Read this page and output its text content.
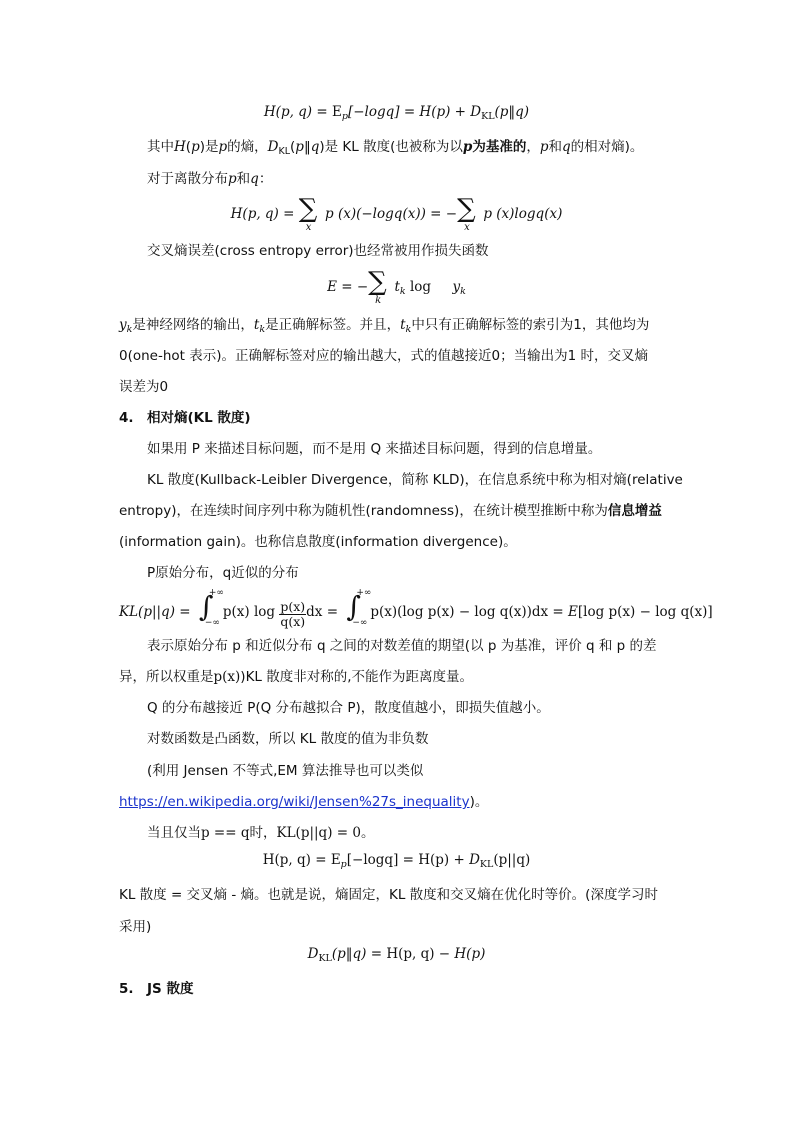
H(p, $q) = E_p[-\log q] = H(p)$ + $D_{KL}(p‖q)$
其中H(p)是p的熵，$D_{KL}(p‖q)$是 KL 散度(也被称为以p为基准的，p和q的相对熵)。
对于离散分布p和q：
H(p, q) = ∑
x
p (x)(−logq(x)) = − ∑
x
p (x)logq(x)
交叉熵误差(cross entropy error)也经常被用作损失函数
E = − ∑
k
$t_k$ log     $y_k$
$y_k$是神经网络的输出，$t_k$是正确解标签。并且，$t_k$中只有正确解标签的索引为1，其他均为
0(one-hot 表示)。正确解标签对应的输出越大，式的值越接近0；当输出为1 时，交叉熵
误差为0
4. 相对熵(KL 散度)
如果用 P 来描述目标问题，而不是用 Q 来描述目标问题，得到的信息增量。
KL 散度(Kullback-Leibler Divergence，简称 KLD)，在信息系统中称为相对熵(relative
entropy)，在连续时间序列中称为随机性(randomness)，在统计模型推断中称为信息增益
(information gain)。也称信息散度(information divergence)。
P原始分布，q近似的分布
KL(p||q) = ∫
+∞
−∞
p(x) $\log \frac{p(x)}{q(x)}$ dx = ∫
+∞
−∞
p(x)(log p(x) − log q(x))dx = E[log p(x) − log q(x)]
表示原始分布 p 和近似分布 q 之间的对数差值的期望(以 p 为基准，评价 q 和 p 的差
异，所以权重是p(x))KL 散度非对称的,不能作为距离度量。
Q 的分布越接近 P(Q 分布越拟合 P)，散度值越小，即损失值越小。
对数函数是凸函数，所以 KL 散度的值为非负数
(利用 Jensen 不等式,EM 算法推导也可以类似
https://en.wikipedia.org/wiki/Jensen%27s_inequality)。
当且仅当p == q时，KL(p||q) = 0。
H(p, $q) = E_p[-\log q] = H(p) + D_{KL}(p||q)$
KL 散度 = 交叉熵 - 熵。也就是说，熵固定，KL 散度和交叉熵在优化时等价。(深度学习时
采用)
$D_{KL}(p‖q) = H(p$, q) − H(p)
5. JS 散度
